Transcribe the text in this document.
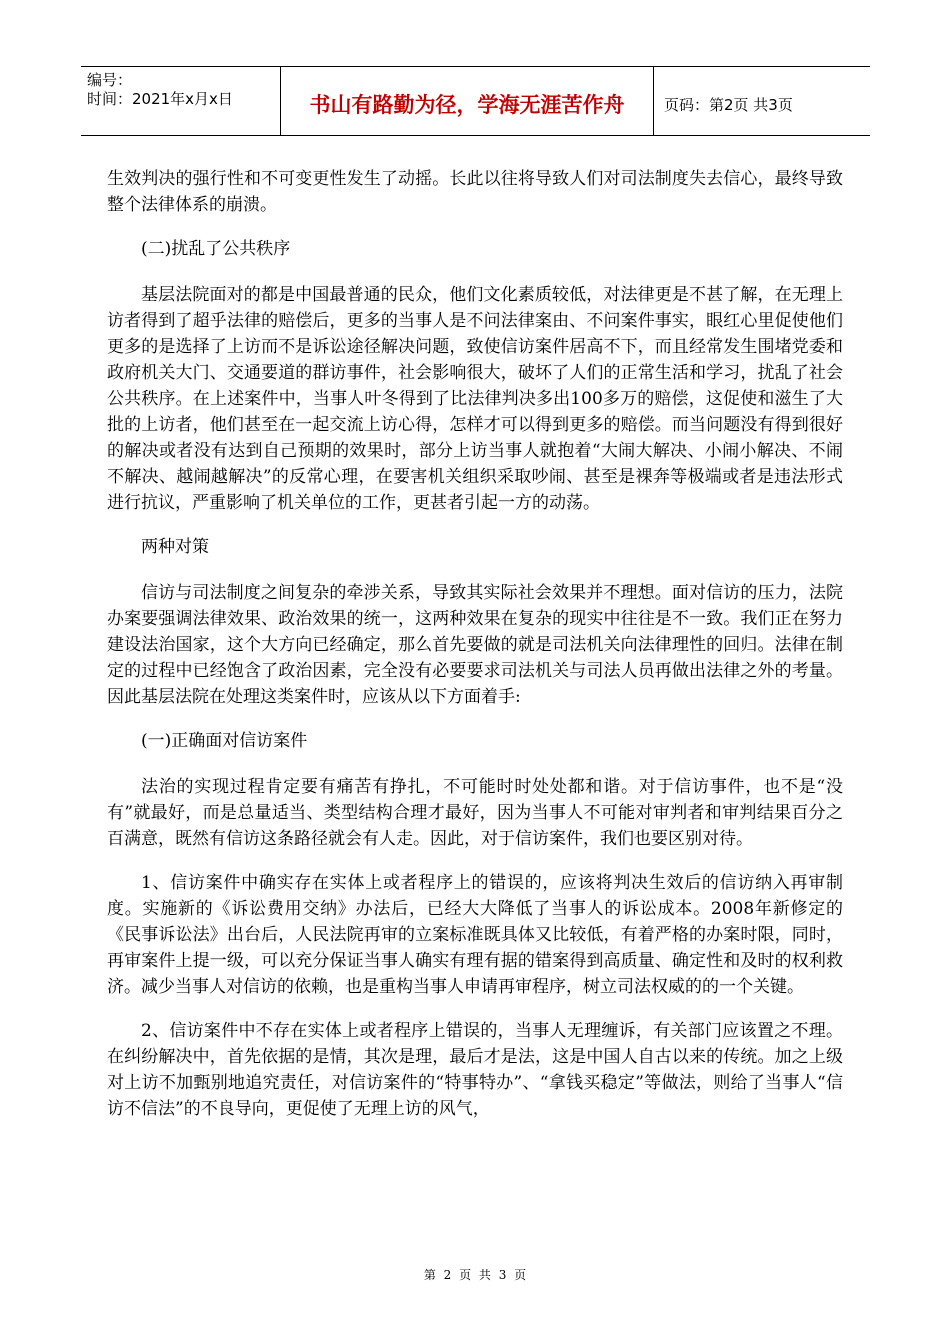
编号：
时间：2021年x月x日	书山有路勤为径，学海无涯苦作舟	页码：第2页 共3页

生效判决的强行性和不可变更性发生了动摇。长此以往将导致人们对司法制度失去信心，最终导致整个法律体系的崩溃。

(二)扰乱了公共秩序

基层法院面对的都是中国最普通的民众，他们文化素质较低，对法律更是不甚了解，在无理上访者得到了超乎法律的赔偿后，更多的当事人是不问法律案由、不问案件事实，眼红心里促使他们更多的是选择了上访而不是诉讼途径解决问题，致使信访案件居高不下，而且经常发生围堵党委和政府机关大门、交通要道的群访事件，社会影响很大，破坏了人们的正常生活和学习，扰乱了社会公共秩序。在上述案件中，当事人叶冬得到了比法律判决多出100多万的赔偿，这促使和滋生了大批的上访者，他们甚至在一起交流上访心得，怎样才可以得到更多的赔偿。而当问题没有得到很好的解决或者没有达到自己预期的效果时，部分上访当事人就抱着“大闹大解决、小闹小解决、不闹不解决、越闹越解决”的反常心理，在要害机关组织采取吵闹、甚至是裸奔等极端或者是违法形式进行抗议，严重影响了机关单位的工作，更甚者引起一方的动荡。

两种对策

信访与司法制度之间复杂的牵涉关系，导致其实际社会效果并不理想。面对信访的压力，法院办案要强调法律效果、政治效果的统一，这两种效果在复杂的现实中往往是不一致。我们正在努力建设法治国家，这个大方向已经确定，那么首先要做的就是司法机关向法律理性的回归。法律在制定的过程中已经饱含了政治因素，完全没有必要要求司法机关与司法人员再做出法律之外的考量。因此基层法院在处理这类案件时，应该从以下方面着手:

(一)正确面对信访案件

法治的实现过程肯定要有痛苦有挣扎，不可能时时处处都和谐。对于信访事件，也不是“没有”就最好，而是总量适当、类型结构合理才最好，因为当事人不可能对审判者和审判结果百分之百满意，既然有信访这条路径就会有人走。因此，对于信访案件，我们也要区别对待。

1、信访案件中确实存在实体上或者程序上的错误的，应该将判决生效后的信访纳入再审制度。实施新的《诉讼费用交纳》办法后，已经大大降低了当事人的诉讼成本。2008年新修定的《民事诉讼法》出台后，人民法院再审的立案标准既具体又比较低，有着严格的办案时限，同时，再审案件上提一级，可以充分保证当事人确实有理有据的错案得到高质量、确定性和及时的权利救济。减少当事人对信访的依赖，也是重构当事人申请再审程序，树立司法权威的的一个关键。

2、信访案件中不存在实体上或者程序上错误的，当事人无理缠诉，有关部门应该置之不理。在纠纷解决中，首先依据的是情，其次是理，最后才是法，这是中国人自古以来的传统。加之上级对上访不加甄别地追究责任，对信访案件的“特事特办”、“拿钱买稳定”等做法，则给了当事人“信访不信法”的不良导向，更促使了无理上访的风气，

第 2 页 共 3 页
